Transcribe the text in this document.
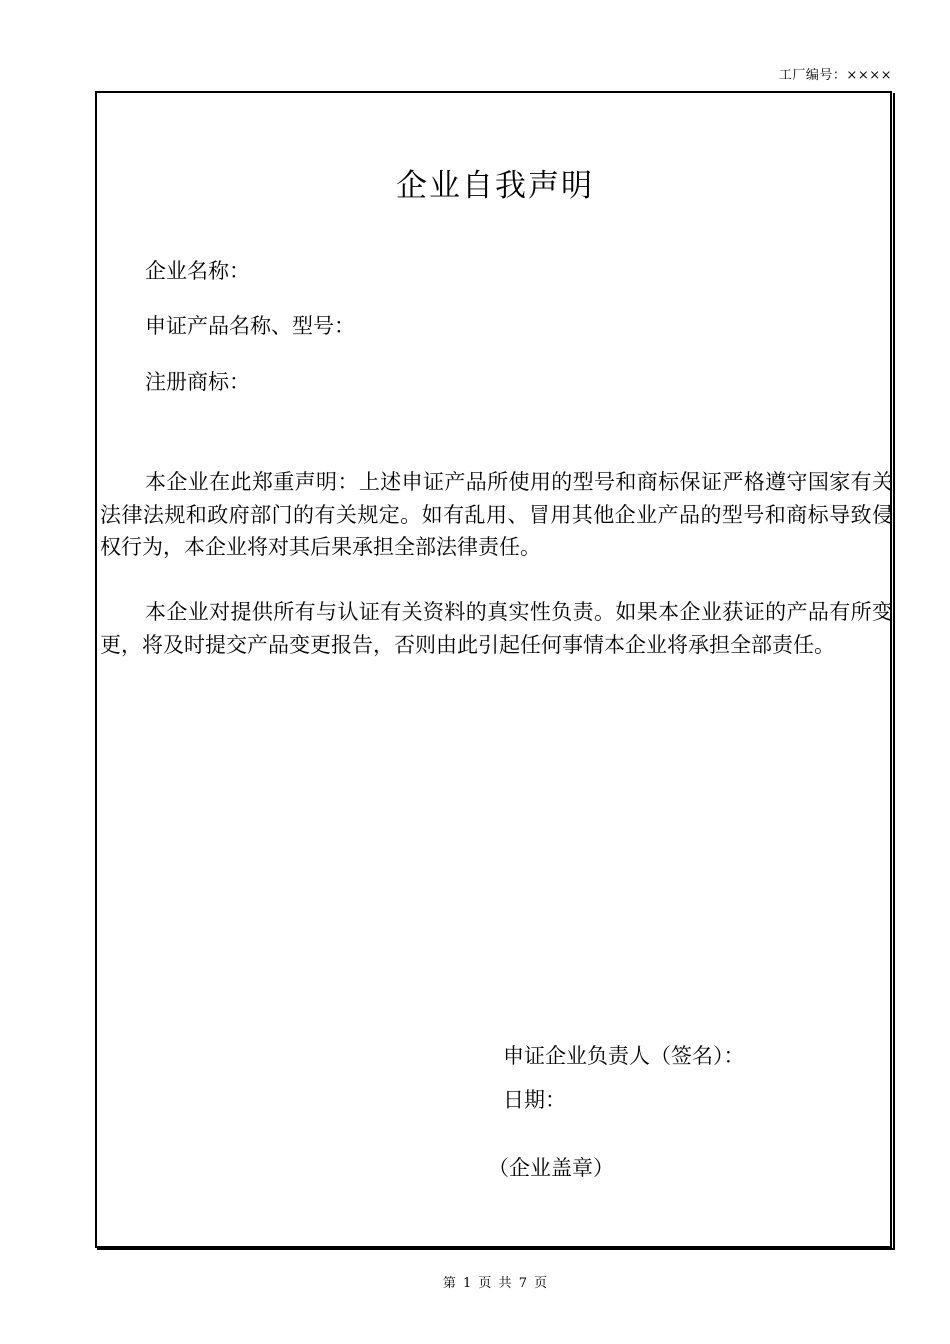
工厂编号：××××
企业自我声明
企业名称：
申证产品名称、型号：
注册商标：

本企业在此郑重声明：上述申证产品所使用的型号和商标保证严格遵守国家有关法律法规和政府部门的有关规定。如有乱用、冒用其他企业产品的型号和商标导致侵权行为，本企业将对其后果承担全部法律责任。

本企业对提供所有与认证有关资料的真实性负责。如果本企业获证的产品有所变更，将及时提交产品变更报告，否则由此引起任何事情本企业将承担全部责任。

申证企业负责人（签名）：
日期：
（企业盖章）
第 1 页 共 7 页
